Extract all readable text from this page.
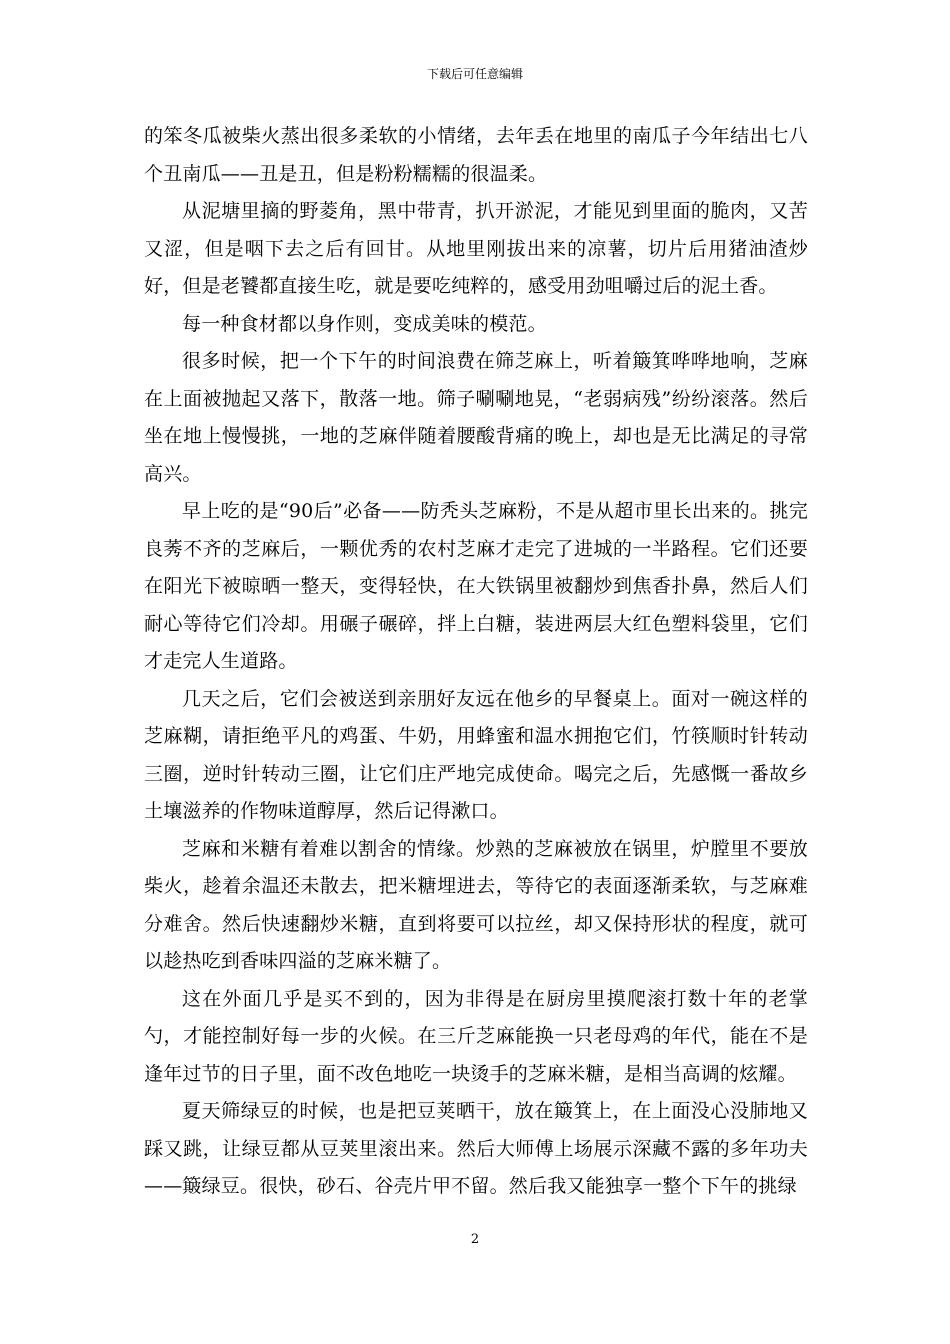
下载后可任意编辑

的笨冬瓜被柴火蒸出很多柔软的小情绪，去年丢在地里的南瓜子今年结出七八个丑南瓜——丑是丑，但是粉粉糯糯的很温柔。

从泥塘里摘的野菱角，黑中带青，扒开淤泥，才能见到里面的脆肉，又苦又涩，但是咽下去之后有回甘。从地里刚拔出来的凉薯，切片后用猪油渣炒好，但是老饕都直接生吃，就是要吃纯粹的，感受用劲咀嚼过后的泥土香。

每一种食材都以身作则，变成美味的模范。

很多时候，把一个下午的时间浪费在筛芝麻上，听着簸箕哗哗地响，芝麻在上面被抛起又落下，散落一地。筛子唰唰地晃，“老弱病残”纷纷滚落。然后坐在地上慢慢挑，一地的芝麻伴随着腰酸背痛的晚上，却也是无比满足的寻常高兴。

早上吃的是“90后”必备——防秃头芝麻粉，不是从超市里长出来的。挑完良莠不齐的芝麻后，一颗优秀的农村芝麻才走完了进城的一半路程。它们还要在阳光下被晾晒一整天，变得轻快，在大铁锅里被翻炒到焦香扑鼻，然后人们耐心等待它们冷却。用碾子碾碎，拌上白糖，装进两层大红色塑料袋里，它们才走完人生道路。

几天之后，它们会被送到亲朋好友远在他乡的早餐桌上。面对一碗这样的芝麻糊，请拒绝平凡的鸡蛋、牛奶，用蜂蜜和温水拥抱它们，竹筷顺时针转动三圈，逆时针转动三圈，让它们庄严地完成使命。喝完之后，先感慨一番故乡土壤滋养的作物味道醇厚，然后记得漱口。

芝麻和米糖有着难以割舍的情缘。炒熟的芝麻被放在锅里，炉膛里不要放柴火，趁着余温还未散去，把米糖埋进去，等待它的表面逐渐柔软，与芝麻难分难舍。然后快速翻炒米糖，直到将要可以拉丝，却又保持形状的程度，就可以趁热吃到香味四溢的芝麻米糖了。

这在外面几乎是买不到的，因为非得是在厨房里摸爬滚打数十年的老掌勺，才能控制好每一步的火候。在三斤芝麻能换一只老母鸡的年代，能在不是逢年过节的日子里，面不改色地吃一块烫手的芝麻米糖，是相当高调的炫耀。

夏天筛绿豆的时候，也是把豆荚晒干，放在簸箕上，在上面没心没肺地又踩又跳，让绿豆都从豆荚里滚出来。然后大师傅上场展示深藏不露的多年功夫——簸绿豆。很快，砂石、谷壳片甲不留。然后我又能独享一整个下午的挑绿

2
